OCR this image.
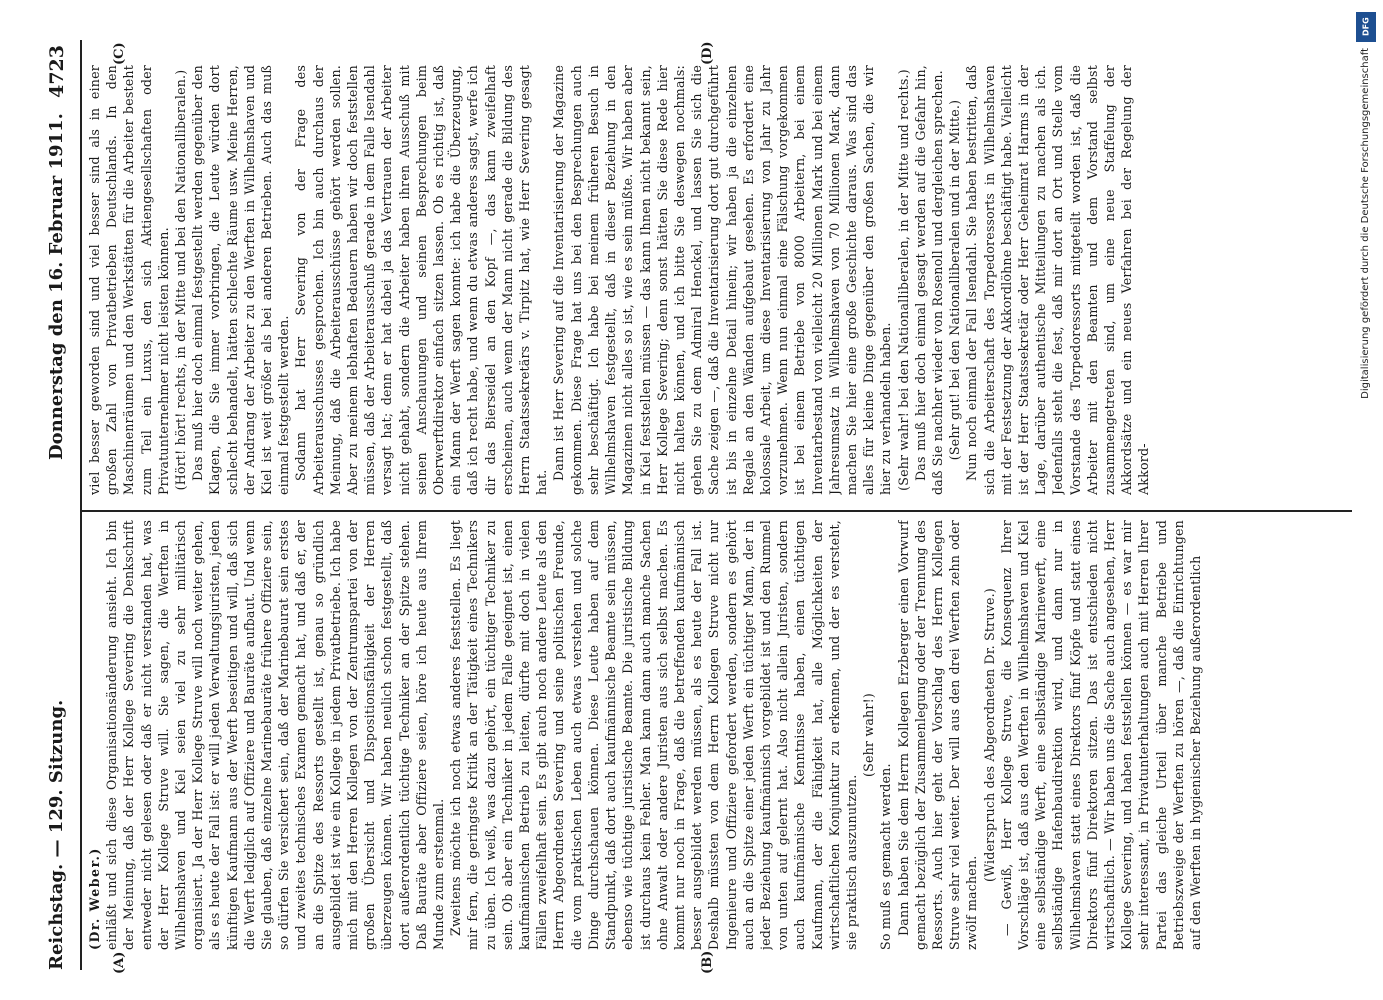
Reichstag. — 129. Sitzung.
Donnerstag den 16. Februar 1911.
4723
(A)	(B)
(C)	(D)

(Dr. Weber.) einläßt und sich diese Organisationsänderung ansieht. Ich bin der Meinung, daß der Herr Kollege Severing die Denkschrift entweder nicht gelesen oder daß er nicht verstanden hat, was der Herr Kollege Struve will. Sie sagen, die Werften in Wilhelmshaven und Kiel seien viel zu sehr militärisch organisiert. Ja der Herr Kollege Struve will noch weiter gehen, als es heute der Fall ist: er will jeden Verwaltungsjuristen, jeden künftigen Kaufmann aus der Werft beseitigen und will, daß sich die Werft lediglich auf Offiziere und Bauräte aufbaut. Und wenn Sie glauben, daß einzelne Marinebauräte frühere Offiziere sein, so dürfen Sie versichert sein, daß der Marinebaurat sein erstes und zweites technisches Examen gemacht hat, und daß er, der an die Spitze des Ressorts gestellt ist, genau so gründlich ausgebildet ist wie ein Kollege in jedem Privatbetriebe. Ich habe mich mit den Herren Kollegen von der Zentrumspartei von der großen Übersicht und Dispositionsfähigkeit der Herren überzeugen können. Wir haben neulich schon festgestellt, daß dort außerordentlich tüchtige Techniker an der Spitze stehen. Daß Bauräte aber Offiziere seien, höre ich heute aus Ihrem Munde zum erstenmal. Zweitens möchte ich noch etwas anderes feststellen. Es liegt mir fern, die geringste Kritik an der Tätigkeit eines Technikers zu üben. Ich weiß, was dazu gehört, ein tüchtiger Techniker zu sein. Ob aber ein Techniker in jedem Falle geeignet ist, einen kaufmännischen Betrieb zu leiten, dürfte mit doch in vielen Fällen zweifelhaft sein. Es gibt auch noch andere Leute als den Herrn Abgeordneten Severing und seine politischen Freunde, die vom praktischen Leben auch etwas verstehen und solche Dinge durchschauen können. Diese Leute haben auf dem Standpunkt, daß dort auch kaufmännische Beamte sein müssen, ebenso wie tüchtige juristische Beamte. Die juristische Bildung ist durchaus kein Fehler. Man kann dann auch manche Sachen ohne Anwalt oder andere Juristen aus sich selbst machen. Es kommt nur noch in Frage, daß die betreffenden kaufmännisch besser ausgebildet werden müssen, als es heute der Fall ist. Deshalb müssten von dem Herrn Kollegen Struve nicht nur Ingenieure und Offiziere gefordert werden, sondern es gehört auch an die Spitze einer jeden Werft ein tüchtiger Mann, der in jeder Beziehung kaufmännisch vorgebildet ist und den Rummel von unten auf gelernt hat. Also nicht allein Juristen, sondern auch kaufmännische Kenntnisse haben, einen tüchtigen Kaufmann, der die Fähigkeit hat, alle Möglichkeiten der wirtschaftlichen Konjunktur zu erkennen, und der es versteht, sie praktisch auszunutzen.

(Sehr wahr!)

So muß es gemacht werden. Dann haben Sie dem Herrn Kollegen Erzberger einen Vorwurf gemacht bezüglich der Zusammenlegung oder der Trennung des Ressorts. Auch hier geht der Vorschlag des Herrn Kollegen Struve sehr viel weiter. Der will aus den drei Werften zehn oder zwölf machen.

(Widerspruch des Abgeordneten Dr. Struve.) — Gewiß, Herr Kollege Struve, die Konsequenz Ihrer Vorschläge ist, daß aus den Werften in Wilhelmshaven und Kiel eine selbständige Werft, eine selbständige Marinewerft, eine selbständige Hafenbaudirektion wird, und dann nur in Wilhelmshaven statt eines Direktors fünf Köpfe und statt eines Direktors fünf Direktoren sitzen. Das ist entschieden nicht wirtschaftlich. — Wir haben uns die Sache auch angesehen, Herr Kollege Severing, und haben feststellen können — es war mir sehr interessant, in Privatunterhaltungen auch mit Herren Ihrer Partei das gleiche Urteil über manche Betriebe und Betriebszweige der Werften zu hören —, daß die Einrichtungen auf den Werften in hygienischer Beziehung außerordentlich

viel besser geworden sind und viel besser sind als in einer großen Zahl von Privatbetrieben Deutschlands. In den Maschinenräumen und den Werkstätten für die Arbeiter besteht zum Teil ein Luxus, den sich Aktiengesellschaften oder Privatunternehmer nicht leisten können. (Hört! hört! rechts, in der Mitte und bei den Nationalliberalen.) Das muß hier doch einmal festgestellt werden gegenüber den Klagen, die Sie immer vorbringen, die Leute würden dort schlecht behandelt, hätten schlechte Räume usw. Meine Herren, der Andrang der Arbeiter zu den Werften in Wilhelmshaven und Kiel ist weit größer als bei anderen Betrieben. Auch das muß einmal festgestellt werden. Sodann hat Herr Severing von der Frage des Arbeiterausschusses gesprochen. Ich bin auch durchaus der Meinung, daß die Arbeiterausschüsse gehört werden sollen. Aber zu meinem lebhaften Bedauern haben wir doch feststellen müssen, daß der Arbeiterausschuß gerade in dem Falle Isendahl versagt hat; denn er hat dabei ja das Vertrauen der Arbeiter nicht gehabt, sondern die Arbeiter haben ihren Ausschuß mit seinen Anschauungen und seinen Besprechungen beim Oberwerftdirektor einfach sitzen lassen. Ob es richtig ist, daß ein Mann der Werft sagen konnte: ich habe die Überzeugung, daß ich recht habe, und wenn du etwas anderes sagst, werfe ich dir das Bierseidel an den Kopf —, das kann zweifelhaft erscheinen, auch wenn der Mann nicht gerade die Bildung des Herrn Staatssekretärs v. Tirpitz hat, wie Herr Severing gesagt hat.

Dann ist Herr Severing auf die Inventarisierung der Magazine gekommen. Diese Frage hat uns bei den Besprechungen auch sehr beschäftigt. Ich habe bei meinem früheren Besuch in Wilhelmshaven festgestellt, daß in dieser Beziehung in den Magazinen nicht alles so ist, wie es sein müßte. Wir haben aber in Kiel feststellen müssen — das kann Ihnen nicht bekannt sein, Herr Kollege Severing; denn sonst hätten Sie diese Rede hier nicht halten können, und ich bitte Sie deswegen nochmals: gehen Sie zu dem Admiral Henckel, und lassen Sie sich die Sache zeigen —, daß die Inventarisierung dort gut durchgeführt ist bis in einzelne Detail hinein; wir haben ja die einzelnen Regale an den Wänden aufgebaut gesehen. Es erfordert eine kolossale Arbeit, um diese Inventarisierung von Jahr zu Jahr vorzunehmen. Wenn nun einmal eine Fälschung vorgekommen ist bei einem Betriebe von 8000 Arbeitern, bei einem Inventarbestand von vielleicht 20 Millionen Mark und bei einem Jahresumsatz in Wilhelmshaven von 70 Millionen Mark, dann machen Sie hier eine große Geschichte daraus. Was sind das alles für kleine Dinge gegenüber den großen Sachen, die wir hier zu verhandeln haben. (Sehr wahr! bei den Nationalliberalen, in der Mitte und rechts.) Das muß hier doch einmal gesagt werden auf die Gefahr hin, daß Sie nachher wieder von Rosenoll und dergleichen sprechen. (Sehr gut! bei den Nationalliberalen und in der Mitte.) Nun noch einmal der Fall Isendahl. Sie haben bestritten, daß sich die Arbeiterschaft des Torpedoressorts in Wilhelmshaven mit der Festsetzung der Akkordlöhne beschäftigt habe. Vielleicht ist der Herr Staatssekretär oder Herr Geheimrat Harms in der Lage, darüber authentische Mitteilungen zu machen als ich. Jedenfalls steht die fest, daß mir dort an Ort und Stelle vom Vorstande des Torpedoressorts mitgeteilt worden ist, daß die Arbeiter mit den Beamten und dem Vorstand selbst zusammengetreten sind, um eine neue Staffelung der Akkordsätze und ein neues Verfahren bei der Regelung der Akkord-

DFG
Digitalisierung gefördert durch die Deutsche Forschungsgemeinschaft
